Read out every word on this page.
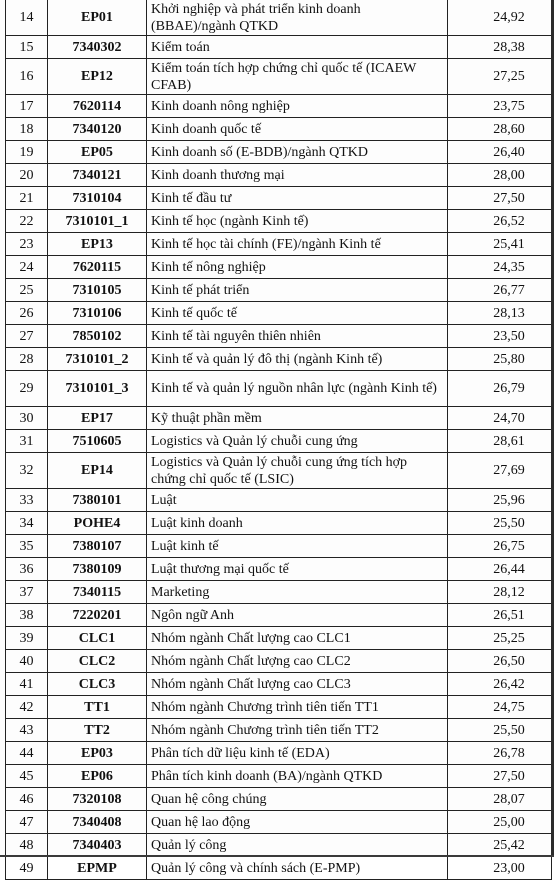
14	EP01	Khởi nghiệp và phát triển kinh doanh (BBAE)/ngành QTKD	24,92
15	7340302	Kiểm toán	28,38
16	EP12	Kiểm toán tích hợp chứng chỉ quốc tế (ICAEW CFAB)	27,25
17	7620114	Kinh doanh nông nghiệp	23,75
18	7340120	Kinh doanh quốc tế	28,60
19	EP05	Kinh doanh số (E-BDB)/ngành QTKD	26,40
20	7340121	Kinh doanh thương mại	28,00
21	7310104	Kinh tế đầu tư	27,50
22	7310101_1	Kinh tế học (ngành Kinh tế)	26,52
23	EP13	Kinh tế học tài chính (FE)/ngành Kinh tế	25,41
24	7620115	Kinh tế nông nghiệp	24,35
25	7310105	Kinh tế phát triển	26,77
26	7310106	Kinh tế quốc tế	28,13
27	7850102	Kinh tế tài nguyên thiên nhiên	23,50
28	7310101_2	Kinh tế và quản lý đô thị (ngành Kinh tế)	25,80
29	7310101_3	Kinh tế và quản lý nguồn nhân lực (ngành Kinh tế)	26,79
30	EP17	Kỹ thuật phần mềm	24,70
31	7510605	Logistics và Quản lý chuỗi cung ứng	28,61
32	EP14	Logistics và Quản lý chuỗi cung ứng tích hợp chứng chỉ quốc tế (LSIC)	27,69
33	7380101	Luật	25,96
34	POHE4	Luật kinh doanh	25,50
35	7380107	Luật kinh tế	26,75
36	7380109	Luật thương mại quốc tế	26,44
37	7340115	Marketing	28,12
38	7220201	Ngôn ngữ Anh	26,51
39	CLC1	Nhóm ngành Chất lượng cao CLC1	25,25
40	CLC2	Nhóm ngành Chất lượng cao CLC2	26,50
41	CLC3	Nhóm ngành Chất lượng cao CLC3	26,42
42	TT1	Nhóm ngành Chương trình tiên tiến TT1	24,75
43	TT2	Nhóm ngành Chương trình tiên tiến TT2	25,50
44	EP03	Phân tích dữ liệu kinh tế (EDA)	26,78
45	EP06	Phân tích kinh doanh (BA)/ngành QTKD	27,50
46	7320108	Quan hệ công chúng	28,07
47	7340408	Quan hệ lao động	25,00
48	7340403	Quản lý công	25,42
49	EPMP	Quản lý công và chính sách (E-PMP)	23,00
